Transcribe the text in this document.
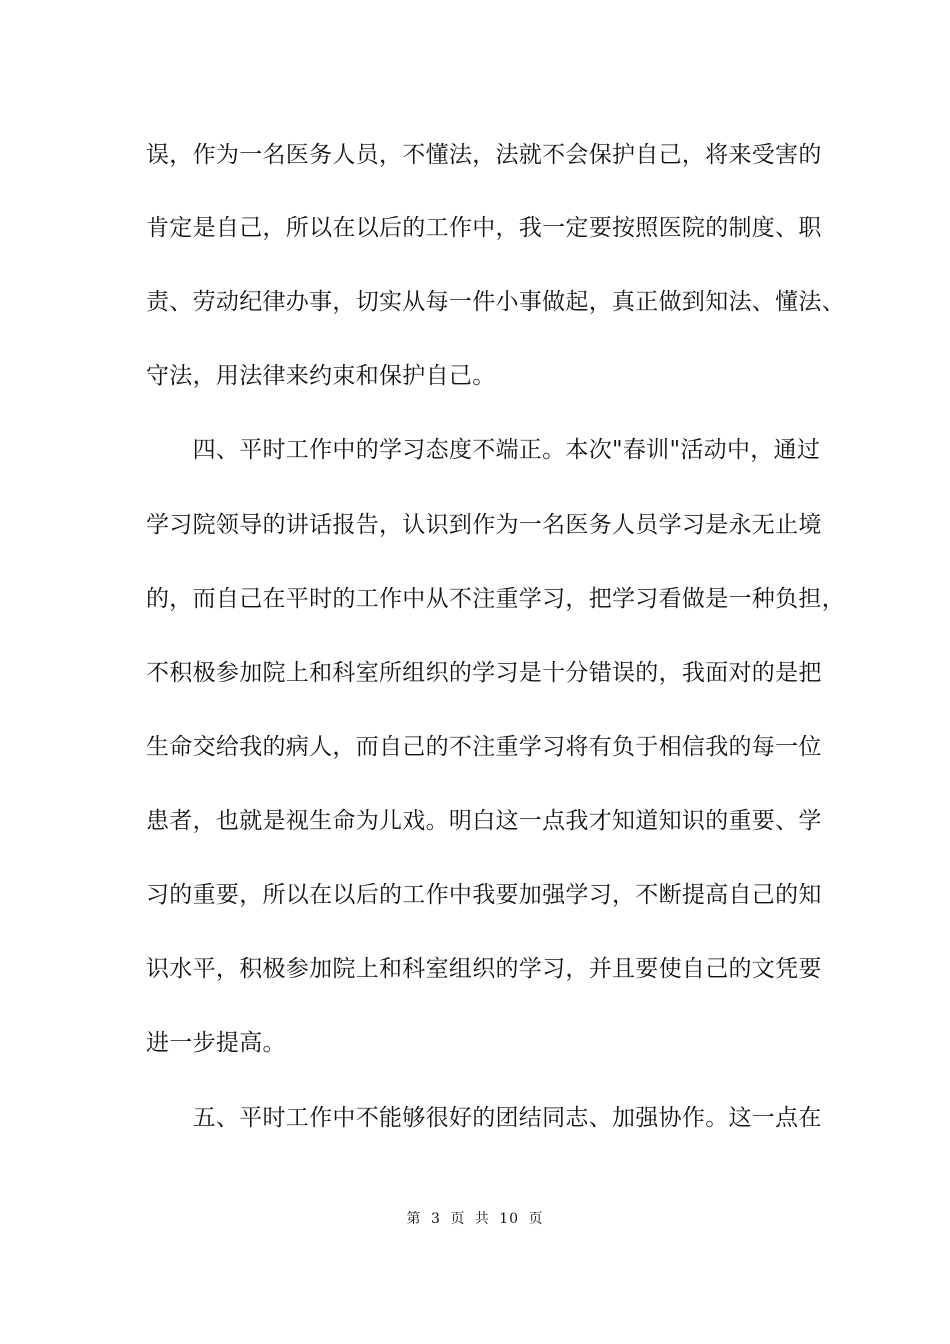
误，作为一名医务人员，不懂法，法就不会保护自己，将来受害的
肯定是自己，所以在以后的工作中，我一定要按照医院的制度、职
责、劳动纪律办事，切实从每一件小事做起，真正做到知法、懂法、
守法，用法律来约束和保护自己。
　　四、平时工作中的学习态度不端正。本次"春训"活动中，通过
学习院领导的讲话报告，认识到作为一名医务人员学习是永无止境
的，而自己在平时的工作中从不注重学习，把学习看做是一种负担，
不积极参加院上和科室所组织的学习是十分错误的，我面对的是把
生命交给我的病人，而自己的不注重学习将有负于相信我的每一位
患者，也就是视生命为儿戏。明白这一点我才知道知识的重要、学
习的重要，所以在以后的工作中我要加强学习，不断提高自己的知
识水平，积极参加院上和科室组织的学习，并且要使自己的文凭要
进一步提高。
　　五、平时工作中不能够很好的团结同志、加强协作。这一点在
第 3 页 共 10 页
